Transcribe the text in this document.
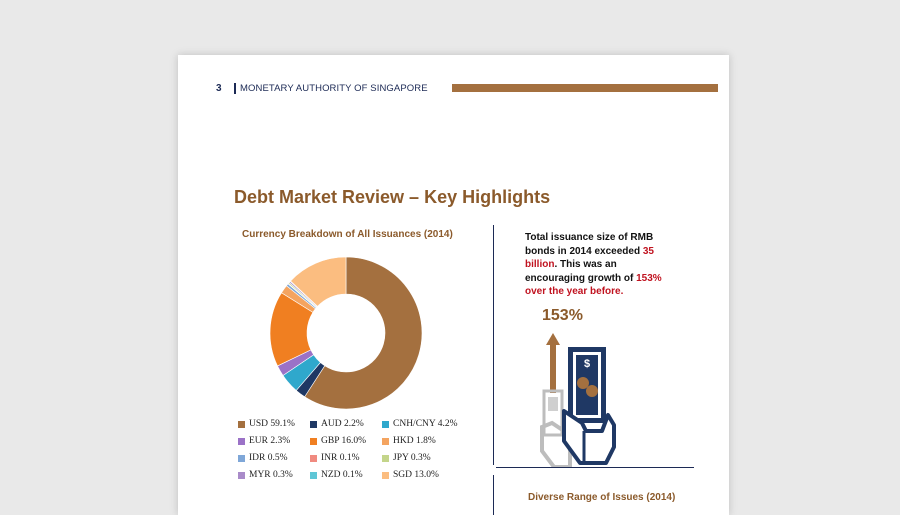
3 MONETARY AUTHORITY OF SINGAPORE
Debt Market Review – Key Highlights
Currency Breakdown of All Issuances (2014)
USD 59.1%	AUD 2.2%	CNH/CNY 4.2%
EUR 2.3%	GBP 16.0%	HKD 1.8%
IDR 0.5%	INR 0.1%	JPY 0.3%
MYR 0.3%	NZD 0.1%	SGD 13.0%
Total issuance size of RMB bonds in 2014 exceeded 35 billion. This was an encouraging growth of 153% over the year before.
153%
$
Diverse Range of Issues (2014)
